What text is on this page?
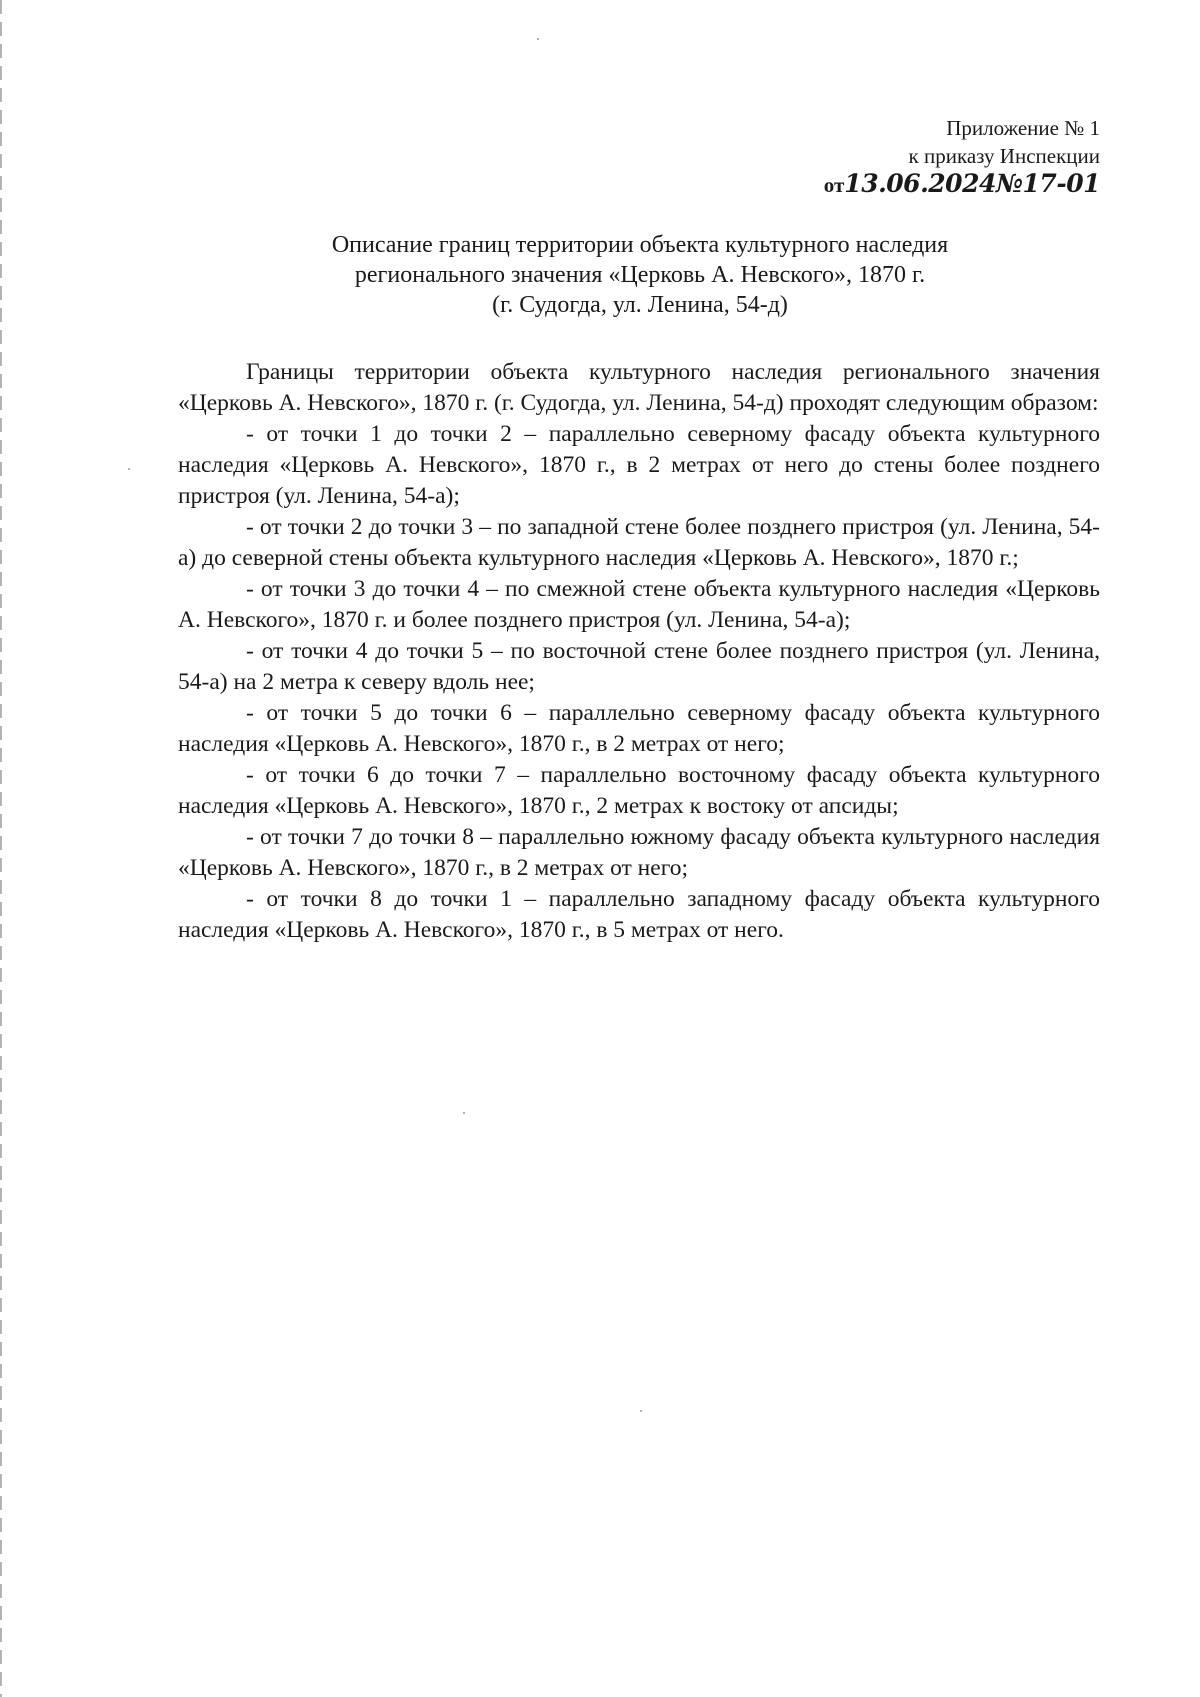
Приложение № 1
к приказу Инспекции
от13.06.2024№17-01
Описание границ территории объекта культурного наследия
регионального значения «Церковь А. Невского», 1870 г.
(г. Судогда, ул. Ленина, 54-д)

Границы территории объекта культурного наследия регионального значения «Церковь А. Невского», 1870 г. (г. Судогда, ул. Ленина, 54-д) проходят следующим образом:

- от точки 1 до точки 2 – параллельно северному фасаду объекта культурного наследия «Церковь А. Невского», 1870 г., в 2 метрах от него до стены более позднего пристроя (ул. Ленина, 54-а);

- от точки 2 до точки 3 – по западной стене более позднего пристроя (ул. Ленина, 54-а) до северной стены объекта культурного наследия «Церковь А. Невского», 1870 г.;

- от точки 3 до точки 4 – по смежной стене объекта культурного наследия «Церковь А. Невского», 1870 г. и более позднего пристроя (ул. Ленина, 54-а);

- от точки 4 до точки 5 – по восточной стене более позднего пристроя (ул. Ленина, 54-а) на 2 метра к северу вдоль нее;

- от точки 5 до точки 6 – параллельно северному фасаду объекта культурного наследия «Церковь А. Невского», 1870 г., в 2 метрах от него;

- от точки 6 до точки 7 – параллельно восточному фасаду объекта культурного наследия «Церковь А. Невского», 1870 г., 2 метрах к востоку от апсиды;

- от точки 7 до точки 8 – параллельно южному фасаду объекта культурного наследия «Церковь А. Невского», 1870 г., в 2 метрах от него;

- от точки 8 до точки 1 – параллельно западному фасаду объекта культурного наследия «Церковь А. Невского», 1870 г., в 5 метрах от него.
